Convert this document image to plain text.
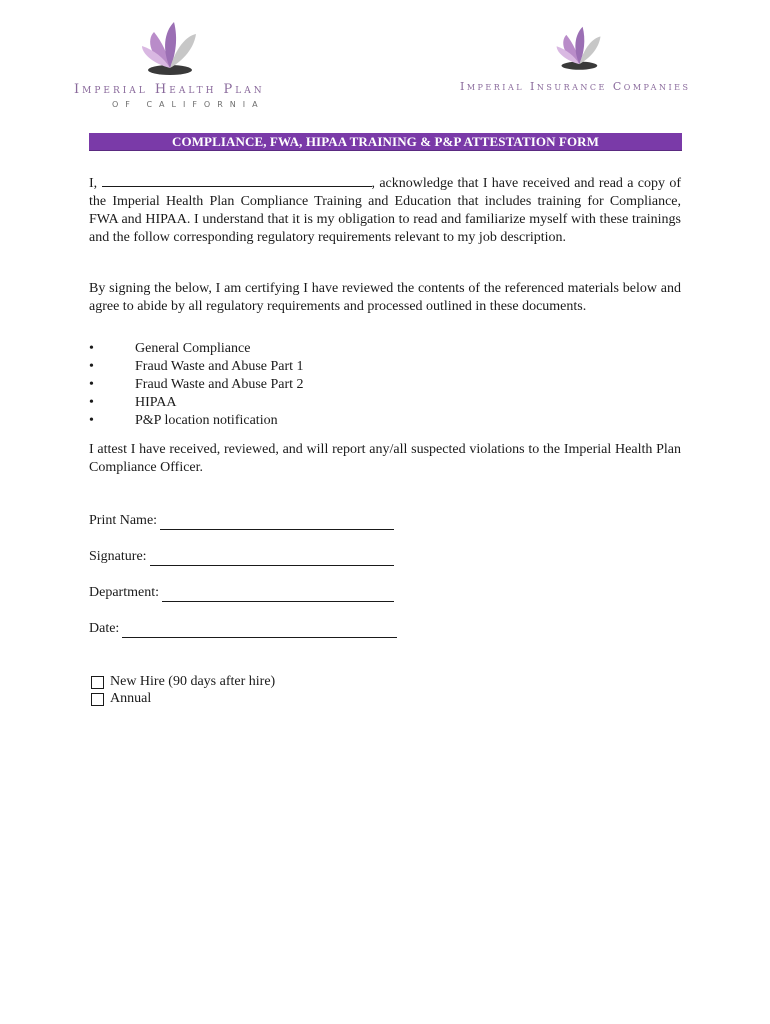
Imperial Health Plan
OF CALIFORNIA
Imperial Insurance Companies
COMPLIANCE, FWA, HIPAA TRAINING & P&P ATTESTATION FORM
I,	, acknowledge that I have received and read a copy of the Imperial Health Plan Compliance Training and Education that includes training for Compliance, FWA and HIPAA. I understand that it is my obligation to read and familiarize myself with these trainings and the follow corresponding regulatory requirements relevant to my job description.
By signing the below, I am certifying I have reviewed the contents of the referenced materials below and agree to abide by all regulatory requirements and processed outlined in these documents.
•	General Compliance
•	Fraud Waste and Abuse Part 1
•	Fraud Waste and Abuse Part 2
•	HIPAA
•	P&P location notification
I attest I have received, reviewed, and will report any/all suspected violations to the Imperial Health Plan Compliance Officer.
Print Name:
Signature:
Department:
Date:
New Hire (90 days after hire)
Annual
